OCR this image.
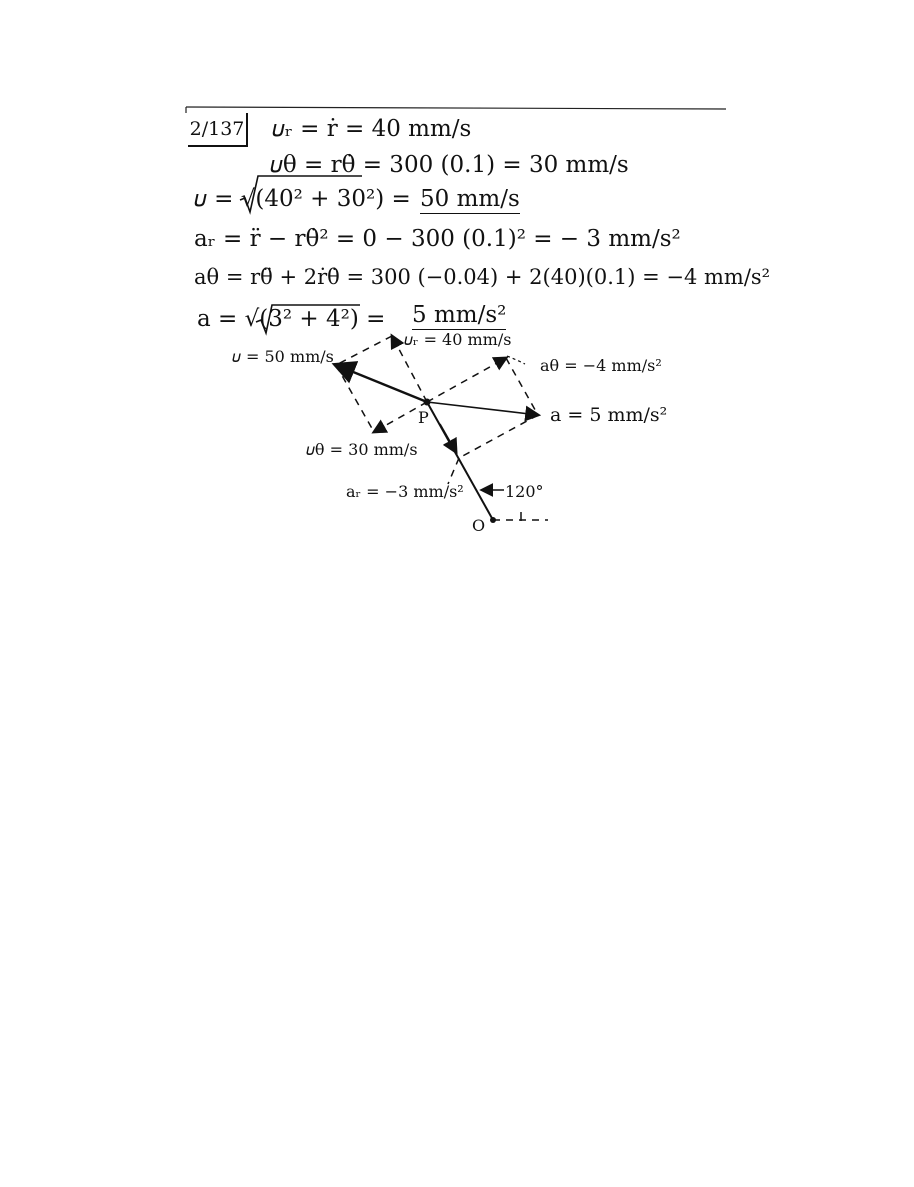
2/137 𝜐ᵣ = ṙ = 40 mm/s
𝜐θ = rθ̇ = 300 (0.1) = 30 mm/s
𝜐 = √(40² + 30²) = 50 mm/s
aᵣ = r̈ − rθ̇² = 0 − 300 (0.1)² = − 3 mm/s²
aθ = rθ̈ + 2ṙθ̇ = 300 (−0.04) + 2(40)(0.1) = −4 mm/s²
a = √(3² + 4²) = 5 mm/s²
𝜐 = 50 mm/s
𝜐ᵣ = 40 mm/s
aθ = −4 mm/s²
a = 5 mm/s²
P
𝜐θ = 30 mm/s
aᵣ = −3 mm/s²	120°
O
